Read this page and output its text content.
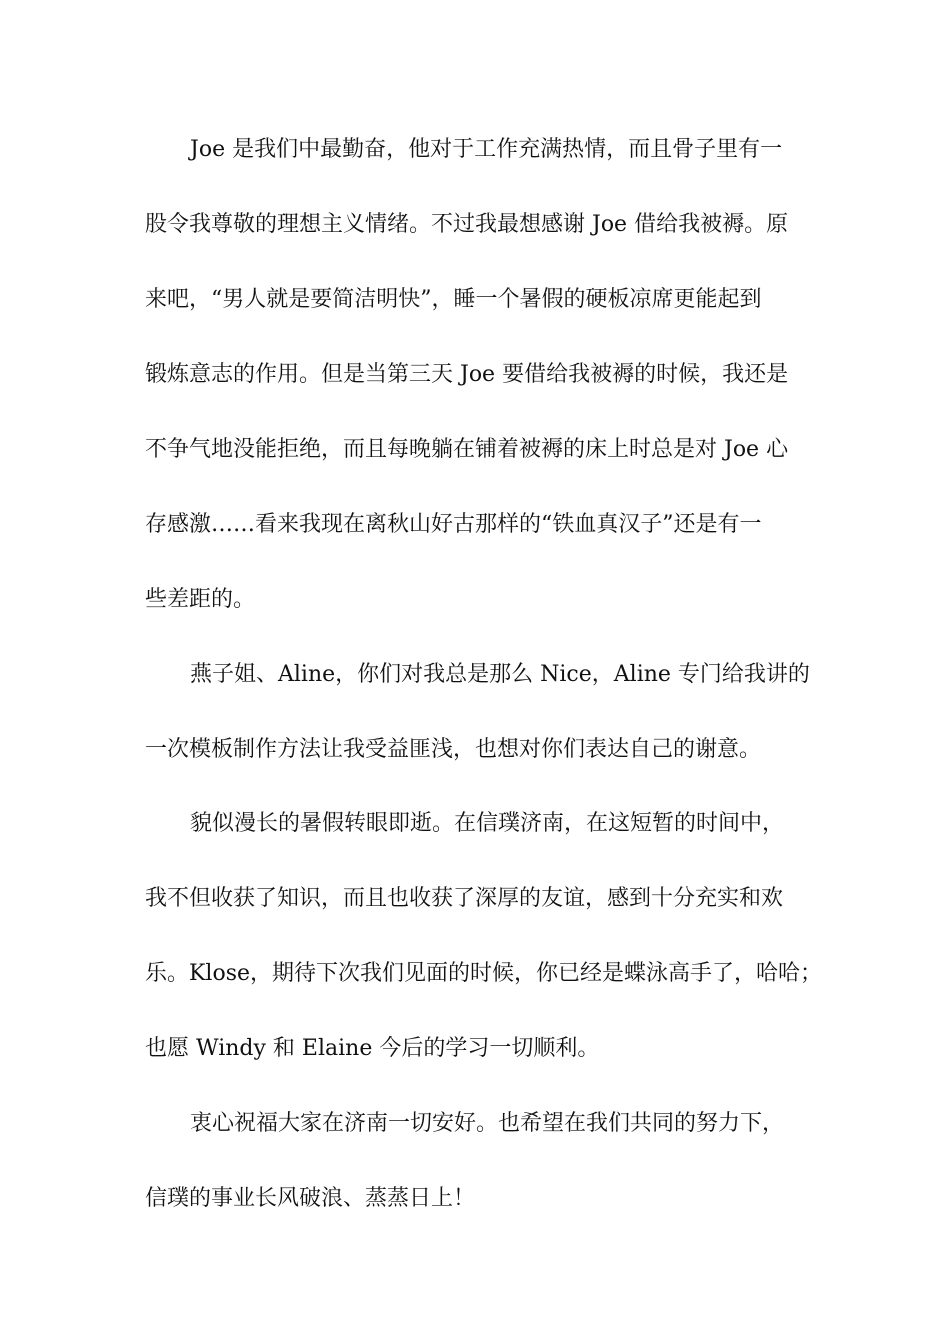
Joe 是我们中最勤奋，他对于工作充满热情，而且骨子里有一
股令我尊敬的理想主义情绪。不过我最想感谢 Joe 借给我被褥。原
来吧，“男人就是要简洁明快”，睡一个暑假的硬板凉席更能起到
锻炼意志的作用。但是当第三天 Joe 要借给我被褥的时候，我还是
不争气地没能拒绝，而且每晚躺在铺着被褥的床上时总是对 Joe 心
存感激……看来我现在离秋山好古那样的“铁血真汉子”还是有一
些差距的。
燕子姐、Aline，你们对我总是那么 Nice，Aline 专门给我讲的
一次模板制作方法让我受益匪浅，也想对你们表达自己的谢意。
貌似漫长的暑假转眼即逝。在信璞济南，在这短暂的时间中，
我不但收获了知识，而且也收获了深厚的友谊，感到十分充实和欢
乐。Klose，期待下次我们见面的时候，你已经是蝶泳高手了，哈哈；
也愿 Windy 和 Elaine 今后的学习一切顺利。
衷心祝福大家在济南一切安好。也希望在我们共同的努力下，
信璞的事业长风破浪、蒸蒸日上！
